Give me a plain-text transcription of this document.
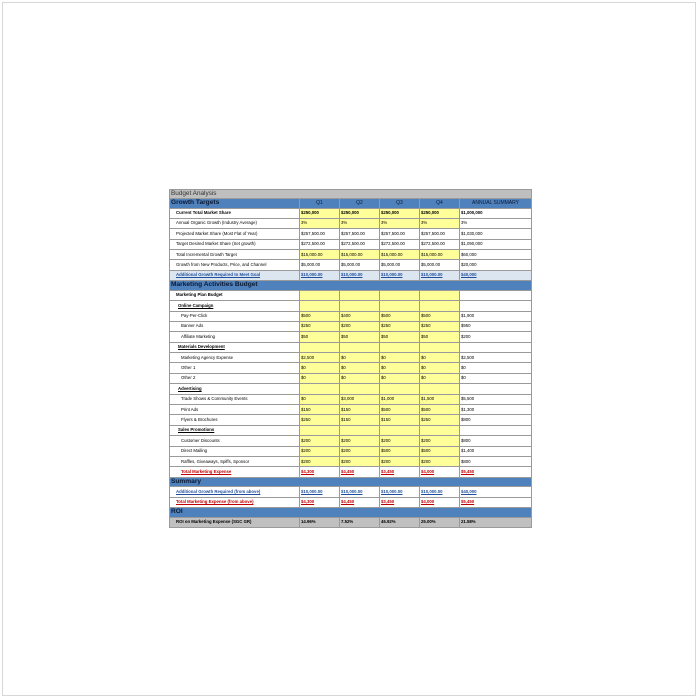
Budget Analysis					
Growth Targets	Q1	Q2	Q3	Q4	ANNUAL SUMMARY
Current Total Market Share	$250,000	$250,000	$250,000	$250,000	$1,000,000
Annual Organic Growth (Industry Average)	3%	3%	3%	3%	3%
Projected Market Share (Most Flat of Year)	$257,500.00	$257,500.00	$257,500.00	$257,500.00	$1,030,000
Target Desired Market Share (Set growth)	$272,500.00	$272,500.00	$272,500.00	$272,500.00	$1,090,000
Total Incremental Growth Target	$15,000.00	$15,000.00	$15,000.00	$15,000.00	$60,000
Growth from New Products, Price, and Channel	$5,000.00	$5,000.00	$5,000.00	$5,000.00	$20,000
Additional Growth Required to Meet Goal	$10,000.00	$10,000.00	$10,000.00	$10,000.00	$40,000
Marketing Activities Budget					
Marketing Plan Budget					
Online Campaign					
Pay-Per-Click	$500	$400	$500	$500	$1,900
Banner Ads	$250	$200	$250	$250	$950
Affiliate Marketing	$50	$50	$50	$50	$200
Materials Development					
Marketing Agency Expense	$2,500	$0	$0	$0	$2,500
Other 1	$0	$0	$0	$0	$0
Other 2	$0	$0	$0	$0	$0
Advertising					
Trade Shows & Community Events	$0	$3,000	$1,000	$1,500	$5,500
Print Ads	$150	$150	$500	$500	$1,300
Flyers & Brochures	$250	$150	$150	$250	$800
Sales Promotions					
Customer Discounts	$200	$200	$200	$200	$800
Direct Mailing	$200	$200	$500	$500	$1,400
Raffles, Giveaways, Spiffs, Sponsor	$200	$200	$200	$200	$800
Total Marketing Expense	$4,300	$4,450	$3,450	$4,000	$5,450
Summary					
Additional Growth Required (from above)	$10,000.00	$10,000.00	$10,000.00	$10,000.00	$40,000
Total Marketing Expense (from above)	$4,300	$4,450	$3,450	$4,000	$5,450
ROI					
ROI on Marketing Expense (SGC GR)	14.96%	7.52%	46.92%	25.00%	21.58%
